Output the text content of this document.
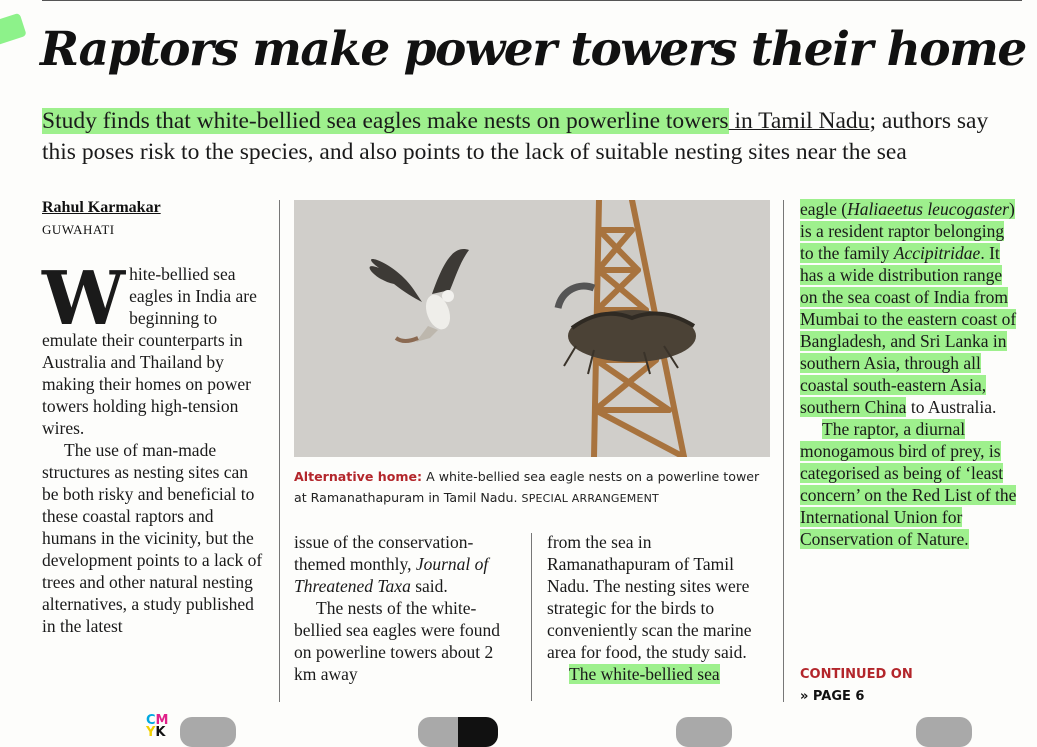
Raptors make power towers their home

Study finds that white-bellied sea eagles make nests on powerline towers in Tamil Nadu; authors say this poses risk to the species, and also points to the lack of suitable nesting sites near the sea

Rahul Karmakar

GUWAHATI

White-bellied sea eagles in India are beginning to emulate their counterparts in Australia and Thailand by making their homes on power towers holding high-tension wires.

The use of man-made structures as nesting sites can be both risky and beneficial to these coastal raptors and humans in the vicinity, but the development points to a lack of trees and other natural nesting alternatives, a study published in the latest

Alternative home: A white-bellied sea eagle nests on a powerline tower at Ramanathapuram in Tamil Nadu. SPECIAL ARRANGEMENT

issue of the conservation-themed monthly, Journal of Threatened Taxa said.

The nests of the white-bellied sea eagles were found on powerline towers about 2 km away

from the sea in Ramanathapuram of Tamil Nadu. The nesting sites were strategic for the birds to conveniently scan the marine area for food, the study said.

The white-bellied sea

eagle (Haliaeetus leucogaster) is a resident raptor belonging to the family Accipitridae. It has a wide distribution range on the sea coast of India from Mumbai to the eastern coast of Bangladesh, and Sri Lanka in southern Asia, through all coastal south-eastern Asia, southern China to Australia.

The raptor, a diurnal monogamous bird of prey, is categorised as being of ‘least concern’ on the Red List of the International Union for Conservation of Nature.

CONTINUED ON

» PAGE 6

CM
YK
